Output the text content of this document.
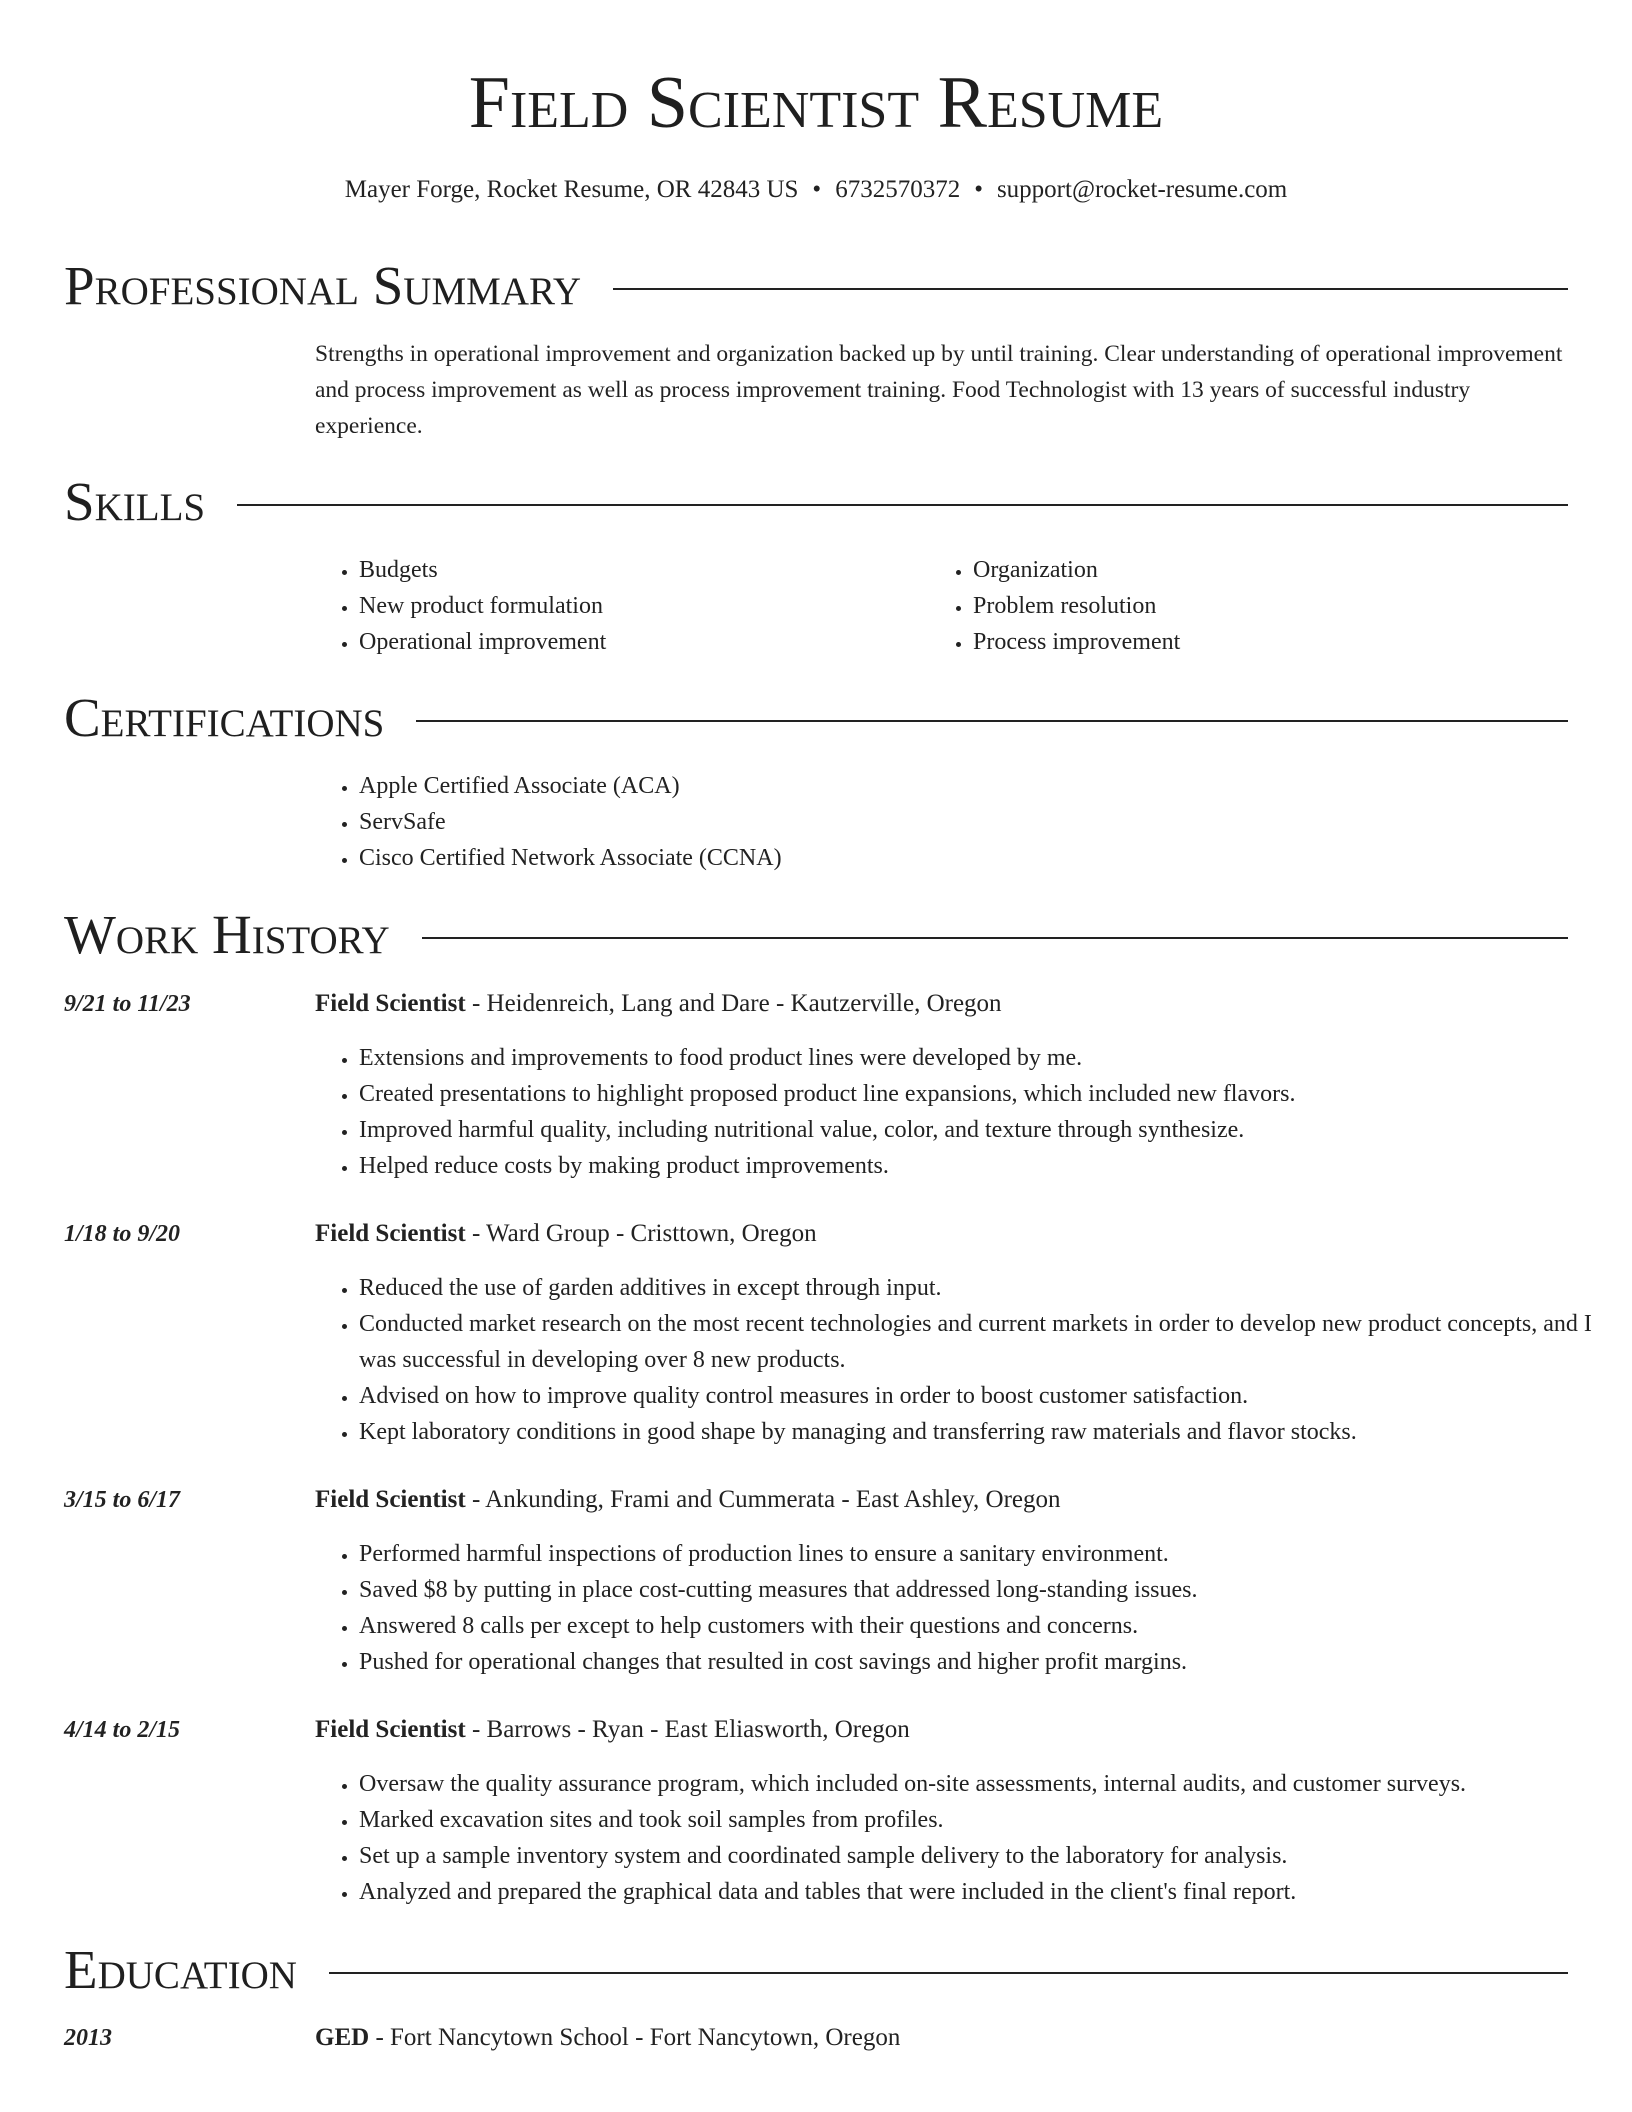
Field Scientist Resume
Mayer Forge, Rocket Resume, OR 42843 US • 6732570372 • support@rocket-resume.com
Professional Summary

Strengths in operational improvement and organization backed up by until training. Clear understanding of operational improvement and process improvement as well as process improvement training. Food Technologist with 13 years of successful industry experience.

Skills
• Budgets
• New product formulation
• Operational improvement
• Organization
• Problem resolution
• Process improvement
Certifications
• Apple Certified Associate (ACA)
• ServSafe
• Cisco Certified Network Associate (CCNA)
Work History
9/21 to 11/23	Field Scientist - Heidenreich, Lang and Dare - Kautzerville, Oregon
• Extensions and improvements to food product lines were developed by me.
• Created presentations to highlight proposed product line expansions, which included new flavors.
• Improved harmful quality, including nutritional value, color, and texture through synthesize.
• Helped reduce costs by making product improvements.
1/18 to 9/20	Field Scientist - Ward Group - Cristtown, Oregon
• Reduced the use of garden additives in except through input.
• Conducted market research on the most recent technologies and current markets in order to develop new product concepts, and I was successful in developing over 8 new products.
• Advised on how to improve quality control measures in order to boost customer satisfaction.
• Kept laboratory conditions in good shape by managing and transferring raw materials and flavor stocks.
3/15 to 6/17	Field Scientist - Ankunding, Frami and Cummerata - East Ashley, Oregon
• Performed harmful inspections of production lines to ensure a sanitary environment.
• Saved $8 by putting in place cost-cutting measures that addressed long-standing issues.
• Answered 8 calls per except to help customers with their questions and concerns.
• Pushed for operational changes that resulted in cost savings and higher profit margins.
4/14 to 2/15	Field Scientist - Barrows - Ryan - East Eliasworth, Oregon
• Oversaw the quality assurance program, which included on-site assessments, internal audits, and customer surveys.
• Marked excavation sites and took soil samples from profiles.
• Set up a sample inventory system and coordinated sample delivery to the laboratory for analysis.
• Analyzed and prepared the graphical data and tables that were included in the client's final report.
Education
2013	GED - Fort Nancytown School - Fort Nancytown, Oregon
